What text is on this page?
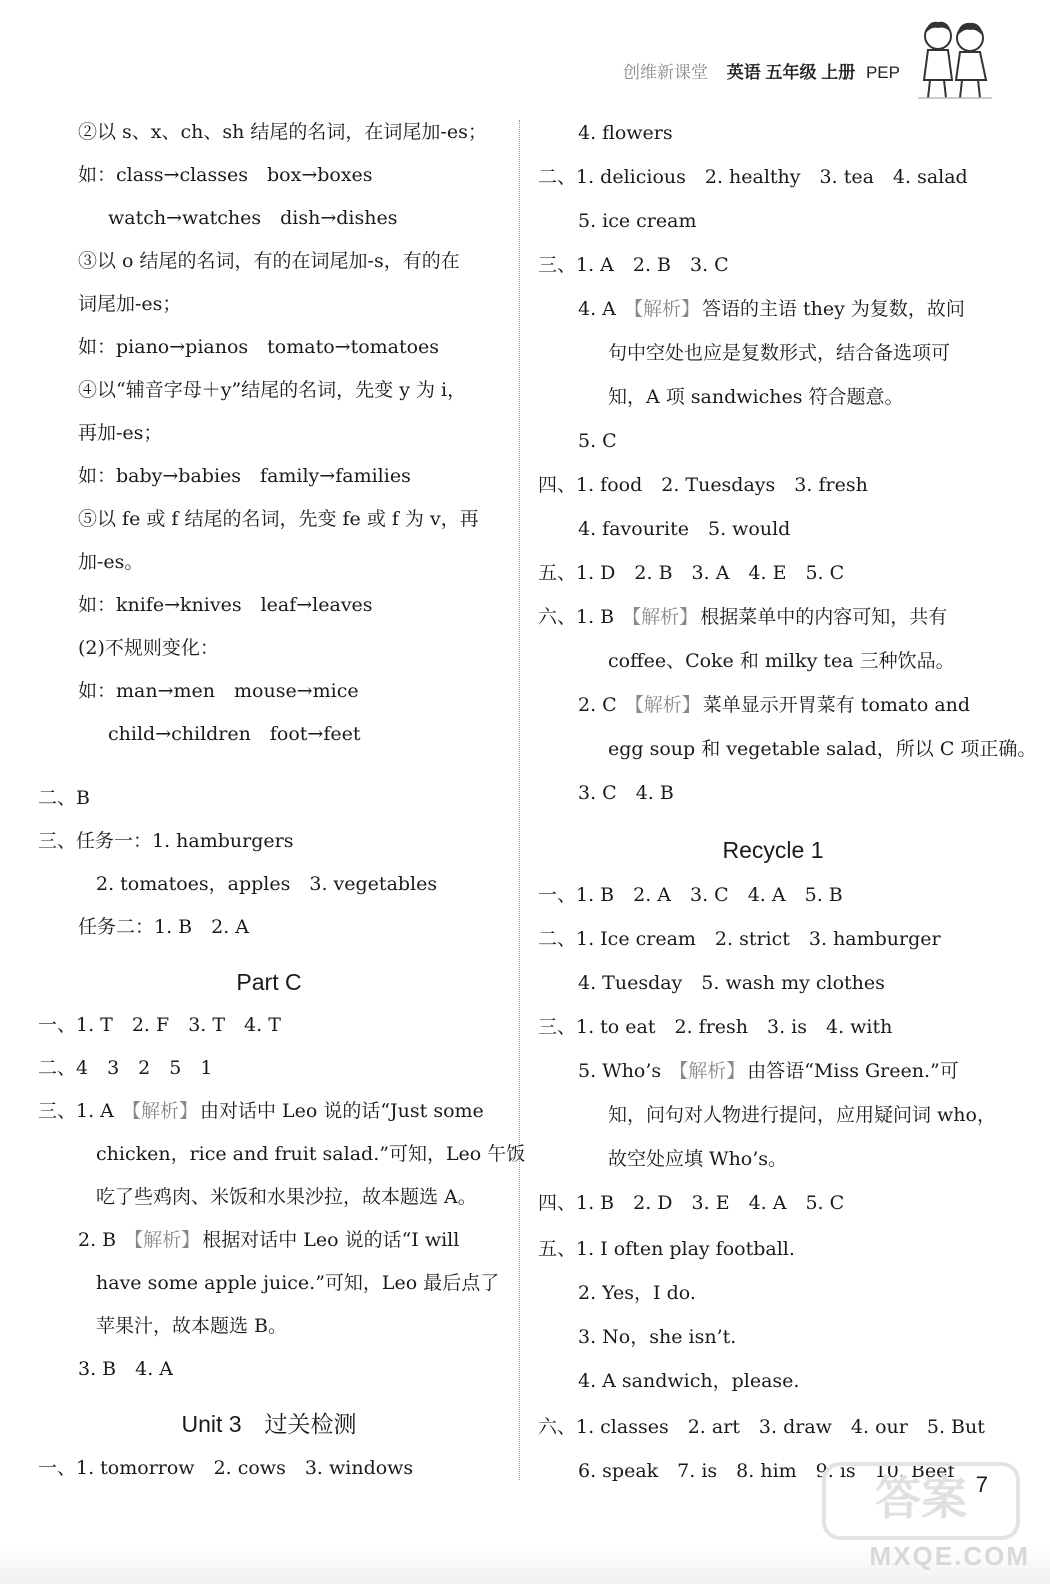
创维新课堂 英语 五年级 上册 PEP
②以 s、x、ch、sh 结尾的名词，在词尾加-es；
如：class→classes　box→boxes
watch→watches　dish→dishes
③以 o 结尾的名词，有的在词尾加-s，有的在
词尾加-es；
如：piano→pianos　tomato→tomatoes
④以“辅音字母＋y”结尾的名词，先变 y 为 i，
再加-es；
如：baby→babies　family→families
⑤以 fe 或 f 结尾的名词，先变 fe 或 f 为 v，再
加-es。
如：knife→knives　leaf→leaves
(2)不规则变化：
如：man→men　mouse→mice
child→children　foot→feet
二、B
三、任务一：1. hamburgers
2. tomatoes，apples　3. vegetables
任务二：1. B　2. A
Part C
一、1. T　2. F　3. T　4. T
二、4　3　2　5　1
三、1. A 【解析】 由对话中 Leo 说的话“Just some
chicken，rice and fruit salad.”可知，Leo 午饭
吃了些鸡肉、米饭和水果沙拉，故本题选 A。
2. B 【解析】 根据对话中 Leo 说的话“I will
have some apple juice.”可知，Leo 最后点了
苹果汁，故本题选 B。
3. B　4. A
Unit 3　过关检测
一、1. tomorrow　2. cows　3. windows
4. flowers
二、1. delicious　2. healthy　3. tea　4. salad
5. ice cream
三、1. A　2. B　3. C
4. A 【解析】 答语的主语 they 为复数，故问
句中空处也应是复数形式，结合备选项可
知，A 项 sandwiches 符合题意。
5. C
四、1. food　2. Tuesdays　3. fresh
4. favourite　5. would
五、1. D　2. B　3. A　4. E　5. C
六、1. B 【解析】 根据菜单中的内容可知，共有
coffee、Coke 和 milky tea 三种饮品。
2. C 【解析】 菜单显示开胃菜有 tomato and
egg soup 和 vegetable salad，所以 C 项正确。
3. C　4. B
Recycle 1
一、1. B　2. A　3. C　4. A　5. B
二、1. Ice cream　2. strict　3. hamburger
4. Tuesday　5. wash my clothes
三、1. to eat　2. fresh　3. is　4. with
5. Who’s 【解析】 由答语“Miss Green.”可
知，问句对人物进行提问，应用疑问词 who，
故空处应填 Who’s。
四、1. B　2. D　3. E　4. A　5. C
五、1. I often play football.
2. Yes，I do.
3. No，she isn’t.
4. A sandwich，please.
六、1. classes　2. art　3. draw　4. our　5. But
6. speak　7. is　8. him　9. is　10. Beef
7
答案
MXQE.COM
